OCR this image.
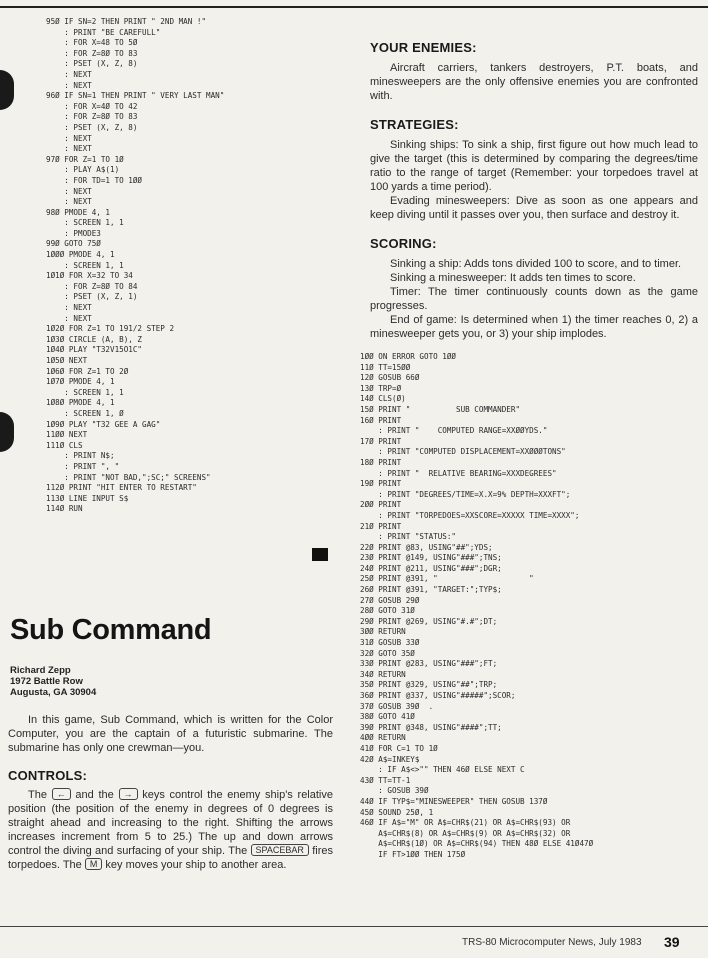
95Ø IF SN=2 THEN PRINT " 2ND MAN !"
: PRINT "BE CAREFULL"
: FOR X=48 TO 5Ø
: FOR Z=8Ø TO 83
: PSET (X, Z, 8)
: NEXT
: NEXT
96Ø IF SN=1 THEN PRINT " VERY LAST MAN"
: FOR X=4Ø TO 42
: FOR Z=8Ø TO 83
: PSET (X, Z, 8)
: NEXT
: NEXT
97Ø FOR Z=1 TO 1Ø
: PLAY A$(1)
: FOR TD=1 TO 1ØØ
: NEXT
: NEXT
98Ø PMODE 4, 1
: SCREEN 1, 1
: PMODE3
99Ø GOTO 75Ø
1ØØØ PMODE 4, 1
: SCREEN 1, 1
1Ø1Ø FOR X=32 TO 34
: FOR Z=8Ø TO 84
: PSET (X, Z, 1)
: NEXT
: NEXT
1Ø2Ø FOR Z=1 TO 191/2 STEP 2
1Ø3Ø CIRCLE (A, B), Z
1Ø4Ø PLAY "T32V15O1C"
1Ø5Ø NEXT
1Ø6Ø FOR Z=1 TO 2Ø
1Ø7Ø PMODE 4, 1
: SCREEN 1, 1
1Ø8Ø PMODE 4, 1
: SCREEN 1, Ø
1Ø9Ø PLAY "T32 GEE A GAG"
11ØØ NEXT
111Ø CLS
: PRINT N$;
: PRINT ", "
: PRINT "NOT BAD,";SC;" SCREENS"
112Ø PRINT "HIT ENTER TO RESTART"
113Ø LINE INPUT S$
114Ø RUN

YOUR ENEMIES:

Aircraft carriers, tankers destroyers, P.T. boats, and minesweepers are the only offensive enemies you are confronted with.

STRATEGIES:

Sinking ships: To sink a ship, first figure out how much lead to give the target (this is determined by comparing the degrees/time ratio to the range of target (Remember: your torpedoes travel at 100 yards a time period).

Evading minesweepers: Dive as soon as one appears and keep diving until it passes over you, then surface and destroy it.

SCORING:

Sinking a ship: Adds tons divided 100 to score, and to timer.

Sinking a minesweeper: It adds ten times to score.

Timer: The timer continuously counts down as the game progresses.

End of game: Is determined when 1) the timer reaches 0, 2) a minesweeper gets you, or 3) your ship implodes.

1ØØ ON ERROR GOTO 1ØØ
11Ø TT=15ØØ
12Ø GOSUB 66Ø
13Ø TRP=Ø
14Ø CLS(Ø)
15Ø PRINT "          SUB COMMANDER"
16Ø PRINT
: PRINT "    COMPUTED RANGE=XXØØYDS."
17Ø PRINT
: PRINT "COMPUTED DISPLACEMENT=XXØØØTONS"
18Ø PRINT
: PRINT "  RELATIVE BEARING=XXXDEGREES"
19Ø PRINT
: PRINT "DEGREES/TIME=X.X=9% DEPTH=XXXFT";
2ØØ PRINT
: PRINT "TORPEDOES=XXSCORE=XXXXX TIME=XXXX";
21Ø PRINT
: PRINT "STATUS:"
22Ø PRINT @83, USING"##";YDS;
23Ø PRINT @149, USING"###";TNS;
24Ø PRINT @211, USING"###";DGR;
25Ø PRINT @391, "                    "
26Ø PRINT @391, "TARGET:";TYP$;
27Ø GOSUB 29Ø
28Ø GOTO 31Ø
29Ø PRINT @269, USING"#.#";DT;
3ØØ RETURN
31Ø GOSUB 33Ø
32Ø GOTO 35Ø
33Ø PRINT @283, USING"###";FT;
34Ø RETURN
35Ø PRINT @329, USING"##";TRP;
36Ø PRINT @337, USING"#####";SCOR;
37Ø GOSUB 39Ø  .
38Ø GOTO 41Ø
39Ø PRINT @348, USING"####";TT;
4ØØ RETURN
41Ø FOR C=1 TO 1Ø
42Ø A$=INKEY$
: IF A$<>"" THEN 46Ø ELSE NEXT C
43Ø TT=TT-1
: GOSUB 39Ø
44Ø IF TYP$="MINESWEEPER" THEN GOSUB 137Ø
45Ø SOUND 25Ø, 1
46Ø IF A$="M" OR A$=CHR$(21) OR A$=CHR$(93) OR
A$=CHR$(8) OR A$=CHR$(9) OR A$=CHR$(32) OR
A$=CHR$(1Ø) OR A$=CHR$(94) THEN 48Ø ELSE 41Ø47Ø
IF FT>1ØØ THEN 175Ø
Sub Command
Richard Zepp
1972 Battle Row
Augusta, GA 30904

In this game, Sub Command, which is written for the Color Computer, you are the captain of a futuristic submarine. The submarine has only one crewman—you.

CONTROLS:

The ← and the → keys control the enemy ship's relative position (the position of the enemy in degrees of 0 degrees is straight ahead and increasing to the right. Shifting the arrows increases increment from 5 to 25.) The up and down arrows control the diving and surfacing of your ship. The SPACEBAR fires torpedoes. The M key moves your ship to another area.

TRS-80 Microcomputer News, July 1983 39
